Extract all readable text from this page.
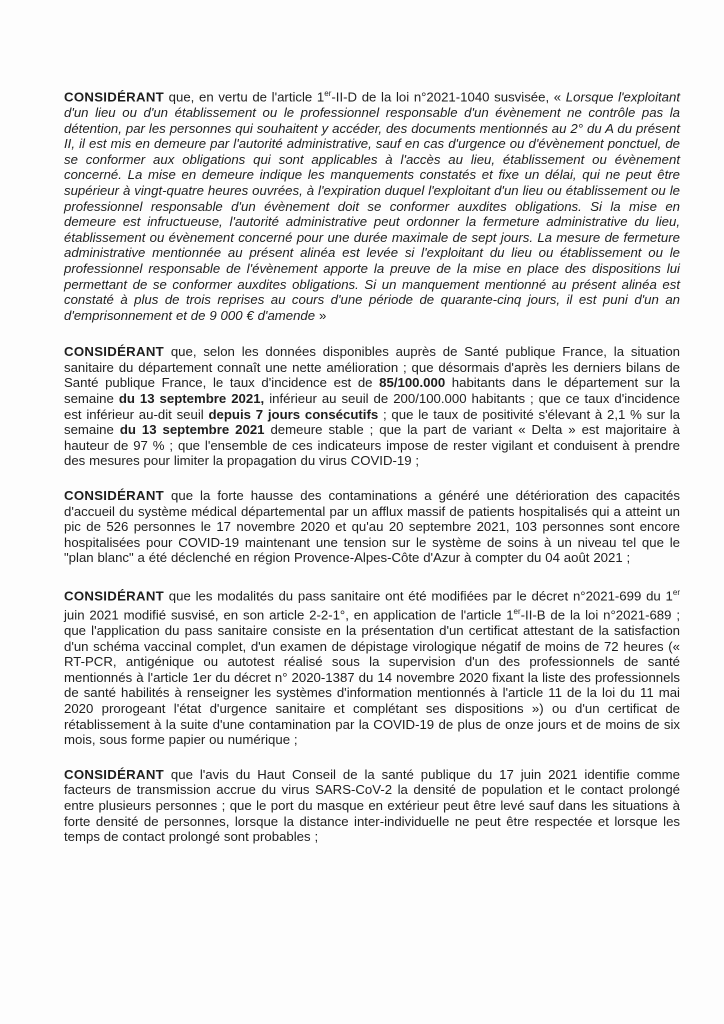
CONSIDÉRANT que, en vertu de l'article 1er-II-D de la loi n°2021-1040 susvisée, « Lorsque l'exploitant d'un lieu ou d'un établissement ou le professionnel responsable d'un évènement ne contrôle pas la détention, par les personnes qui souhaitent y accéder, des documents mentionnés au 2° du A du présent II, il est mis en demeure par l'autorité administrative, sauf en cas d'urgence ou d'évènement ponctuel, de se conformer aux obligations qui sont applicables à l'accès au lieu, établissement ou évènement concerné. La mise en demeure indique les manquements constatés et fixe un délai, qui ne peut être supérieur à vingt-quatre heures ouvrées, à l'expiration duquel l'exploitant d'un lieu ou établissement ou le professionnel responsable d'un évènement doit se conformer auxdites obligations. Si la mise en demeure est infructueuse, l'autorité administrative peut ordonner la fermeture administrative du lieu, établissement ou évènement concerné pour une durée maximale de sept jours. La mesure de fermeture administrative mentionnée au présent alinéa est levée si l'exploitant du lieu ou établissement ou le professionnel responsable de l'évènement apporte la preuve de la mise en place des dispositions lui permettant de se conformer auxdites obligations. Si un manquement mentionné au présent alinéa est constaté à plus de trois reprises au cours d'une période de quarante-cinq jours, il est puni d'un an d'emprisonnement et de 9 000 € d'amende »

CONSIDÉRANT que, selon les données disponibles auprès de Santé publique France, la situation sanitaire du département connaît une nette amélioration ; que désormais d'après les derniers bilans de Santé publique France, le taux d'incidence est de 85/100.000 habitants dans le département sur la semaine du 13 septembre 2021, inférieur au seuil de 200/100.000 habitants ; que ce taux d'incidence est inférieur au-dit seuil depuis 7 jours consécutifs ; que le taux de positivité s'élevant à 2,1 % sur la semaine du 13 septembre 2021 demeure stable ; que la part de variant « Delta » est majoritaire à hauteur de 97 % ; que l'ensemble de ces indicateurs impose de rester vigilant et conduisent à prendre des mesures pour limiter la propagation du virus COVID-19 ;

CONSIDÉRANT que la forte hausse des contaminations a généré une détérioration des capacités d'accueil du système médical départemental par un afflux massif de patients hospitalisés qui a atteint un pic de 526 personnes le 17 novembre 2020 et qu'au 20 septembre 2021, 103 personnes sont encore hospitalisées pour COVID-19 maintenant une tension sur le système de soins à un niveau tel que le "plan blanc" a été déclenché en région Provence-Alpes-Côte d'Azur à compter du 04 août 2021 ;

CONSIDÉRANT que les modalités du pass sanitaire ont été modifiées par le décret n°2021-699 du 1er juin 2021 modifié susvisé, en son article 2-2-1°, en application de l'article 1er-II-B de la loi n°2021-689 ; que l'application du pass sanitaire consiste en la présentation d'un certificat attestant de la satisfaction d'un schéma vaccinal complet, d'un examen de dépistage virologique négatif de moins de 72 heures (« RT-PCR, antigénique ou autotest réalisé sous la supervision d'un des professionnels de santé mentionnés à l'article 1er du décret n° 2020-1387 du 14 novembre 2020 fixant la liste des professionnels de santé habilités à renseigner les systèmes d'information mentionnés à l'article 11 de la loi du 11 mai 2020 prorogeant l'état d'urgence sanitaire et complétant ses dispositions ») ou d'un certificat de rétablissement à la suite d'une contamination par la COVID-19 de plus de onze jours et de moins de six mois, sous forme papier ou numérique ;

CONSIDÉRANT que l'avis du Haut Conseil de la santé publique du 17 juin 2021 identifie comme facteurs de transmission accrue du virus SARS-CoV-2 la densité de population et le contact prolongé entre plusieurs personnes ; que le port du masque en extérieur peut être levé sauf dans les situations à forte densité de personnes, lorsque la distance inter-individuelle ne peut être respectée et lorsque les temps de contact prolongé sont probables ;
